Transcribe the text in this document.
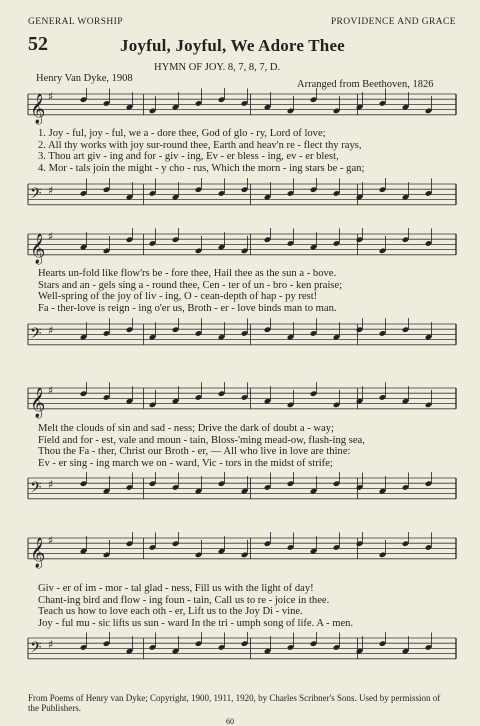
GENERAL WORSHIP	PROVIDENCE AND GRACE
52	Joyful, Joyful, We Adore Thee
HYMN OF JOY. 8, 7, 8, 7, D.
Henry Van Dyke, 1908
Arranged from Beethoven, 1826
𝄞 ♯
1. Joy - ful, joy - ful, we a - dore thee, God of glo - ry, Lord of love;
2. All thy works with joy sur-round thee, Earth and heav'n re - flect thy rays,
3. Thou art giv - ing and for - giv - ing, Ev - er bless - ing, ev - er blest,
4. Mor - tals join the might - y cho - rus, Which the morn - ing stars be - gan;
𝄢 ♯
𝄞 ♯
Hearts un-fold like flow'rs be - fore thee, Hail thee as the sun a - bove.
Stars and an - gels sing a - round thee, Cen - ter of un - bro - ken praise;
Well-spring of the joy of liv - ing, O - cean-depth of hap - py rest!
Fa - ther-love is reign - ing o'er us, Broth - er - love binds man to man.
𝄢 ♯
𝄞 ♯
Melt the clouds of sin and sad - ness; Drive the dark of doubt a - way;
Field and for - est, vale and moun - tain, Bloss-'ming mead-ow, flash-ing sea,
Thou the Fa - ther, Christ our Broth - er, — All who live in love are thine:
Ev - er sing - ing march we on - ward, Vic - tors in the midst of strife;
𝄢 ♯
𝄞 ♯
Giv - er of im - mor - tal glad - ness, Fill us with the light of day!
Chant-ing bird and flow - ing foun - tain, Call us to re - joice in thee.
Teach us how to love each oth - er, Lift us to the Joy Di - vine.
Joy - ful mu - sic lifts us sun - ward In the tri - umph song of life. A - men.
𝄢 ♯
From Poems of Henry van Dyke; Copyright, 1900, 1911, 1920, by Charles Scribner's Sons. Used by permission of the Publishers.
60
